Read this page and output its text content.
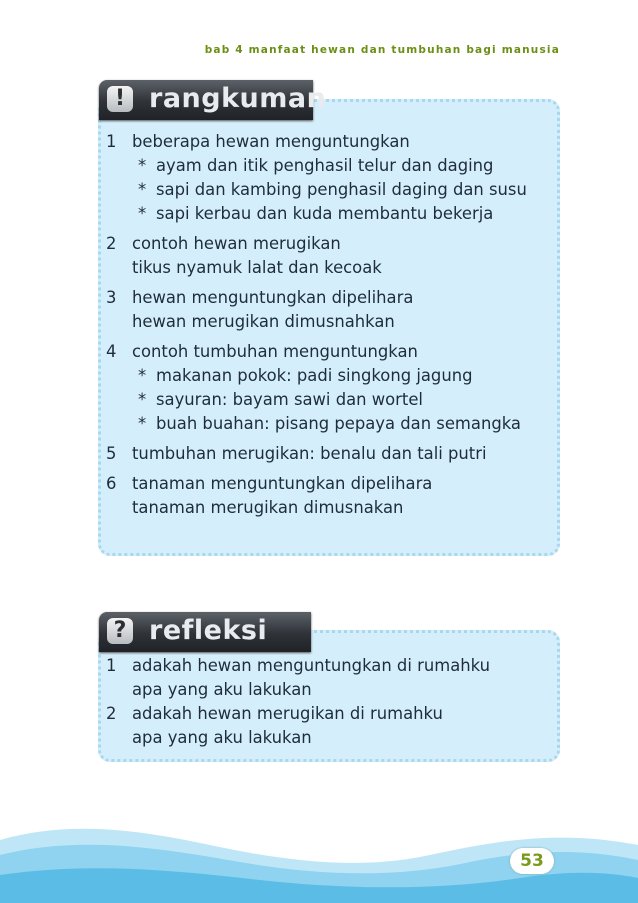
bab 4 manfaat hewan dan tumbuhan bagi manusia
! rangkuman
1 beberapa hewan menguntungkan
* ayam dan itik penghasil telur dan daging
* sapi dan kambing penghasil daging dan susu
* sapi kerbau dan kuda membantu bekerja
2 contoh hewan merugikan
tikus nyamuk lalat dan kecoak
3 hewan menguntungkan dipelihara
hewan merugikan dimusnahkan
4 contoh tumbuhan menguntungkan
* makanan pokok: padi singkong jagung
* sayuran: bayam sawi dan wortel
* buah buahan: pisang pepaya dan semangka
5 tumbuhan merugikan: benalu dan tali putri
6 tanaman menguntungkan dipelihara
tanaman merugikan dimusnakan
? refleksi
1 adakah hewan menguntungkan di rumahku
apa yang aku lakukan
2 adakah hewan merugikan di rumahku
apa yang aku lakukan
53
